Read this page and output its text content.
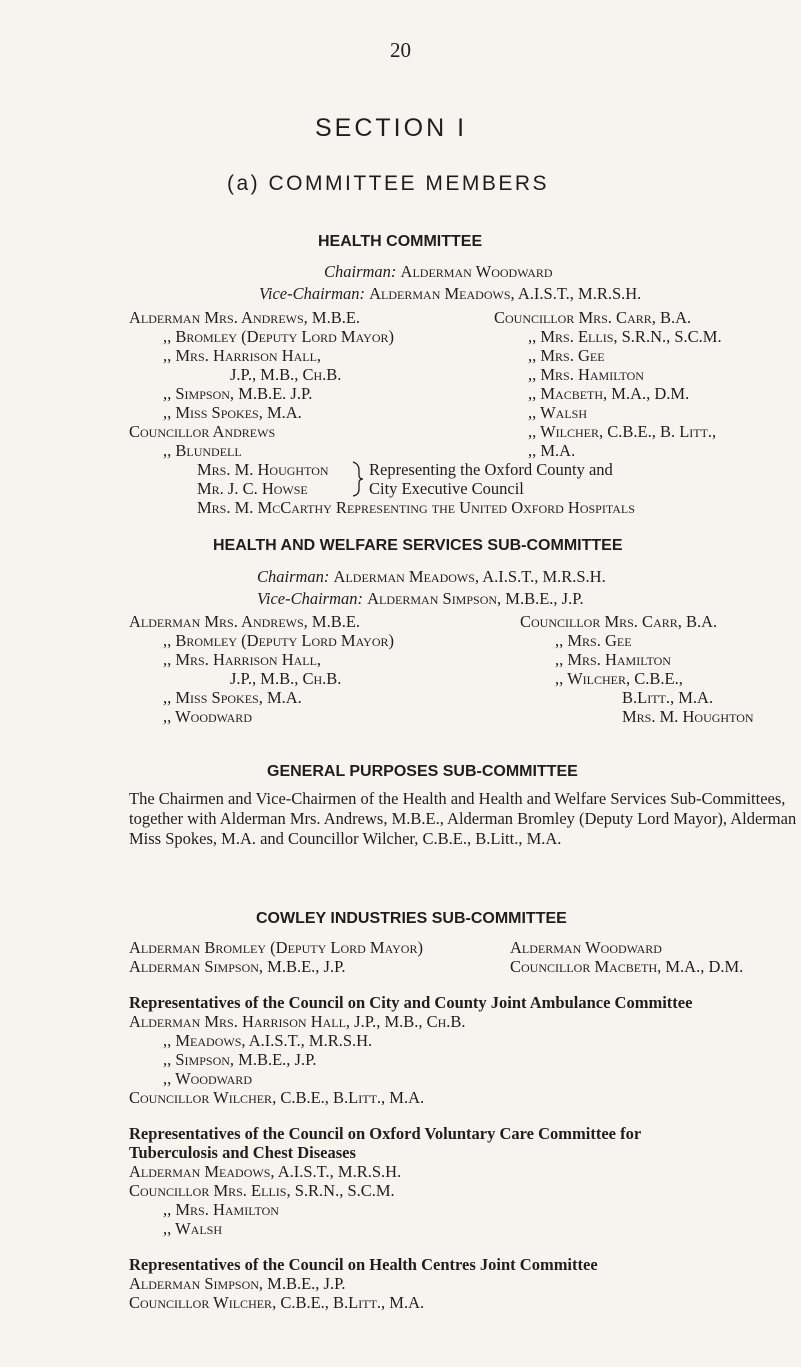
20
SECTION I
(a) COMMITTEE MEMBERS
HEALTH COMMITTEE
Chairman: Alderman Woodward
Vice-Chairman: Alderman Meadows, A.I.S.T., M.R.S.H.
Alderman Mrs. Andrews, M.B.E.
,, Bromley (Deputy Lord Mayor)
,, Mrs. Harrison Hall,
J.P., M.B., Ch.B.
,, Simpson, M.B.E. J.P.
,, Miss Spokes, M.A.
Councillor Andrews
,, Blundell
Councillor Mrs. Carr, B.A.
,, Mrs. Ellis, S.R.N., S.C.M.
,, Mrs. Gee
,, Mrs. Hamilton
,, Macbeth, M.A., D.M.
,, Walsh
,, Wilcher, C.B.E., B. Litt.,
,, M.A.
Mrs. M. Houghton
Mr. J. C. Howse
Representing the Oxford County and
City Executive Council
Mrs. M. McCarthy Representing the United Oxford Hospitals
HEALTH AND WELFARE SERVICES SUB-COMMITTEE
Chairman: Alderman Meadows, A.I.S.T., M.R.S.H.
Vice-Chairman: Alderman Simpson, M.B.E., J.P.
Alderman Mrs. Andrews, M.B.E.
,, Bromley (Deputy Lord Mayor)
,, Mrs. Harrison Hall,
J.P., M.B., Ch.B.
,, Miss Spokes, M.A.
,, Woodward
Councillor Mrs. Carr, B.A.
,, Mrs. Gee
,, Mrs. Hamilton
,, Wilcher, C.B.E.,
B.Litt., M.A.
Mrs. M. Houghton
GENERAL PURPOSES SUB-COMMITTEE
The Chairmen and Vice-Chairmen of the Health and Health and Welfare Services Sub-Committees, together with Alderman Mrs. Andrews, M.B.E., Alderman Bromley (Deputy Lord Mayor), Alderman Miss Spokes, M.A. and Councillor Wilcher, C.B.E., B.Litt., M.A.
COWLEY INDUSTRIES SUB-COMMITTEE
Alderman Bromley (Deputy Lord Mayor)
Alderman Simpson, M.B.E., J.P.
Alderman Woodward
Councillor Macbeth, M.A., D.M.
Representatives of the Council on City and County Joint Ambulance Committee
Alderman Mrs. Harrison Hall, J.P., M.B., Ch.B.
,, Meadows, A.I.S.T., M.R.S.H.
,, Simpson, M.B.E., J.P.
,, Woodward
Councillor Wilcher, C.B.E., B.Litt., M.A.
Representatives of the Council on Oxford Voluntary Care Committee for
Tuberculosis and Chest Diseases
Alderman Meadows, A.I.S.T., M.R.S.H.
Councillor Mrs. Ellis, S.R.N., S.C.M.
,, Mrs. Hamilton
,, Walsh
Representatives of the Council on Health Centres Joint Committee
Alderman Simpson, M.B.E., J.P.
Councillor Wilcher, C.B.E., B.Litt., M.A.
